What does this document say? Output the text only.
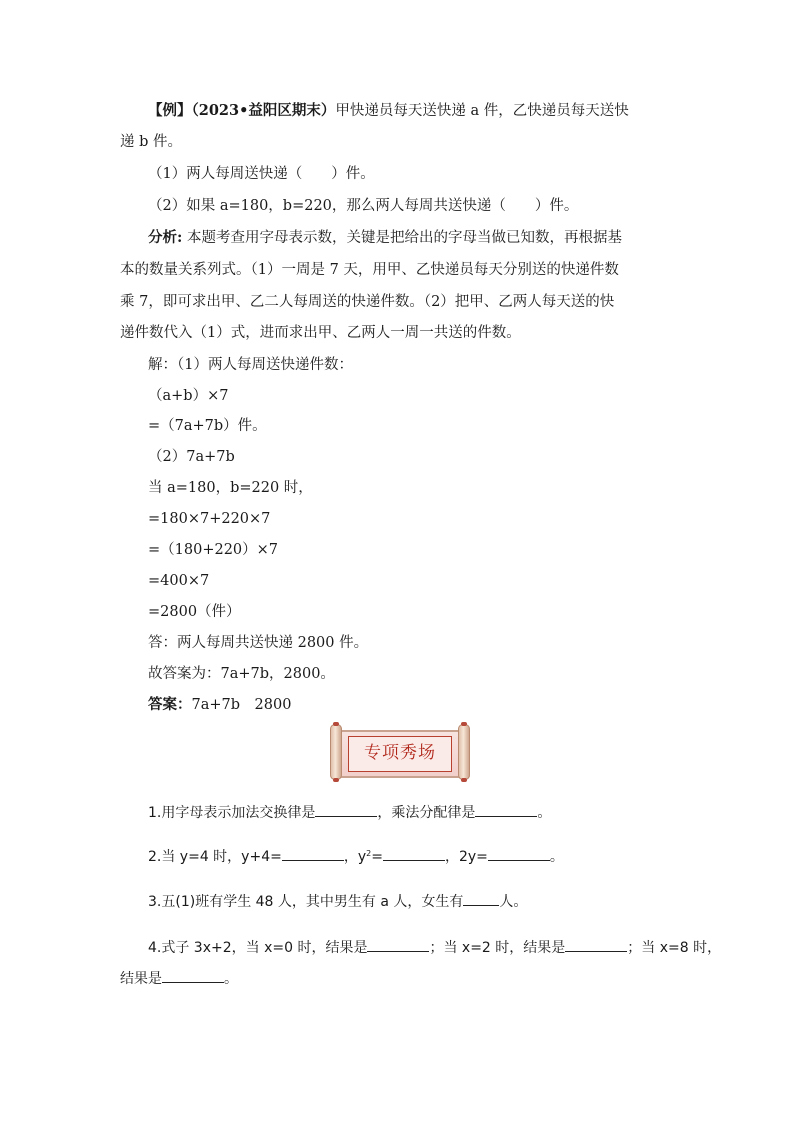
【例】（2023•益阳区期末）甲快递员每天送快递 a 件，乙快递员每天送快
递 b 件。
（1）两人每周送快递（　　）件。
（2）如果 a=180，b=220，那么两人每周共送快递（　　）件。
分析: 本题考查用字母表示数，关键是把给出的字母当做已知数，再根据基
本的数量关系列式。（1）一周是 7 天，用甲、乙快递员每天分别送的快递件数
乘 7，即可求出甲、乙二人每周送的快递件数。（2）把甲、乙两人每天送的快
递件数代入（1）式，进而求出甲、乙两人一周一共送的件数。
解：（1）两人每周送快递件数：
（a+b）×7
=（7a+7b）件。
（2）7a+7b
当 a=180，b=220 时，
=180×7+220×7
=（180+220）×7
=400×7
=2800（件）
答：两人每周共送快递 2800 件。
故答案为：7a+7b，2800。
答案：7a+7b　2800
专项秀场
1.用字母表示加法交换律是	，乘法分配律是	。
2.当 y=4 时，y+4=	，$y^2=$	，2y=	。
3.五(1)班有学生 48 人，其中男生有 a 人，女生有	人。
4.式子 3x+2，当 x=0 时，结果是	；当 x=2 时，结果是	；当 x=8 时，
结果是	。
